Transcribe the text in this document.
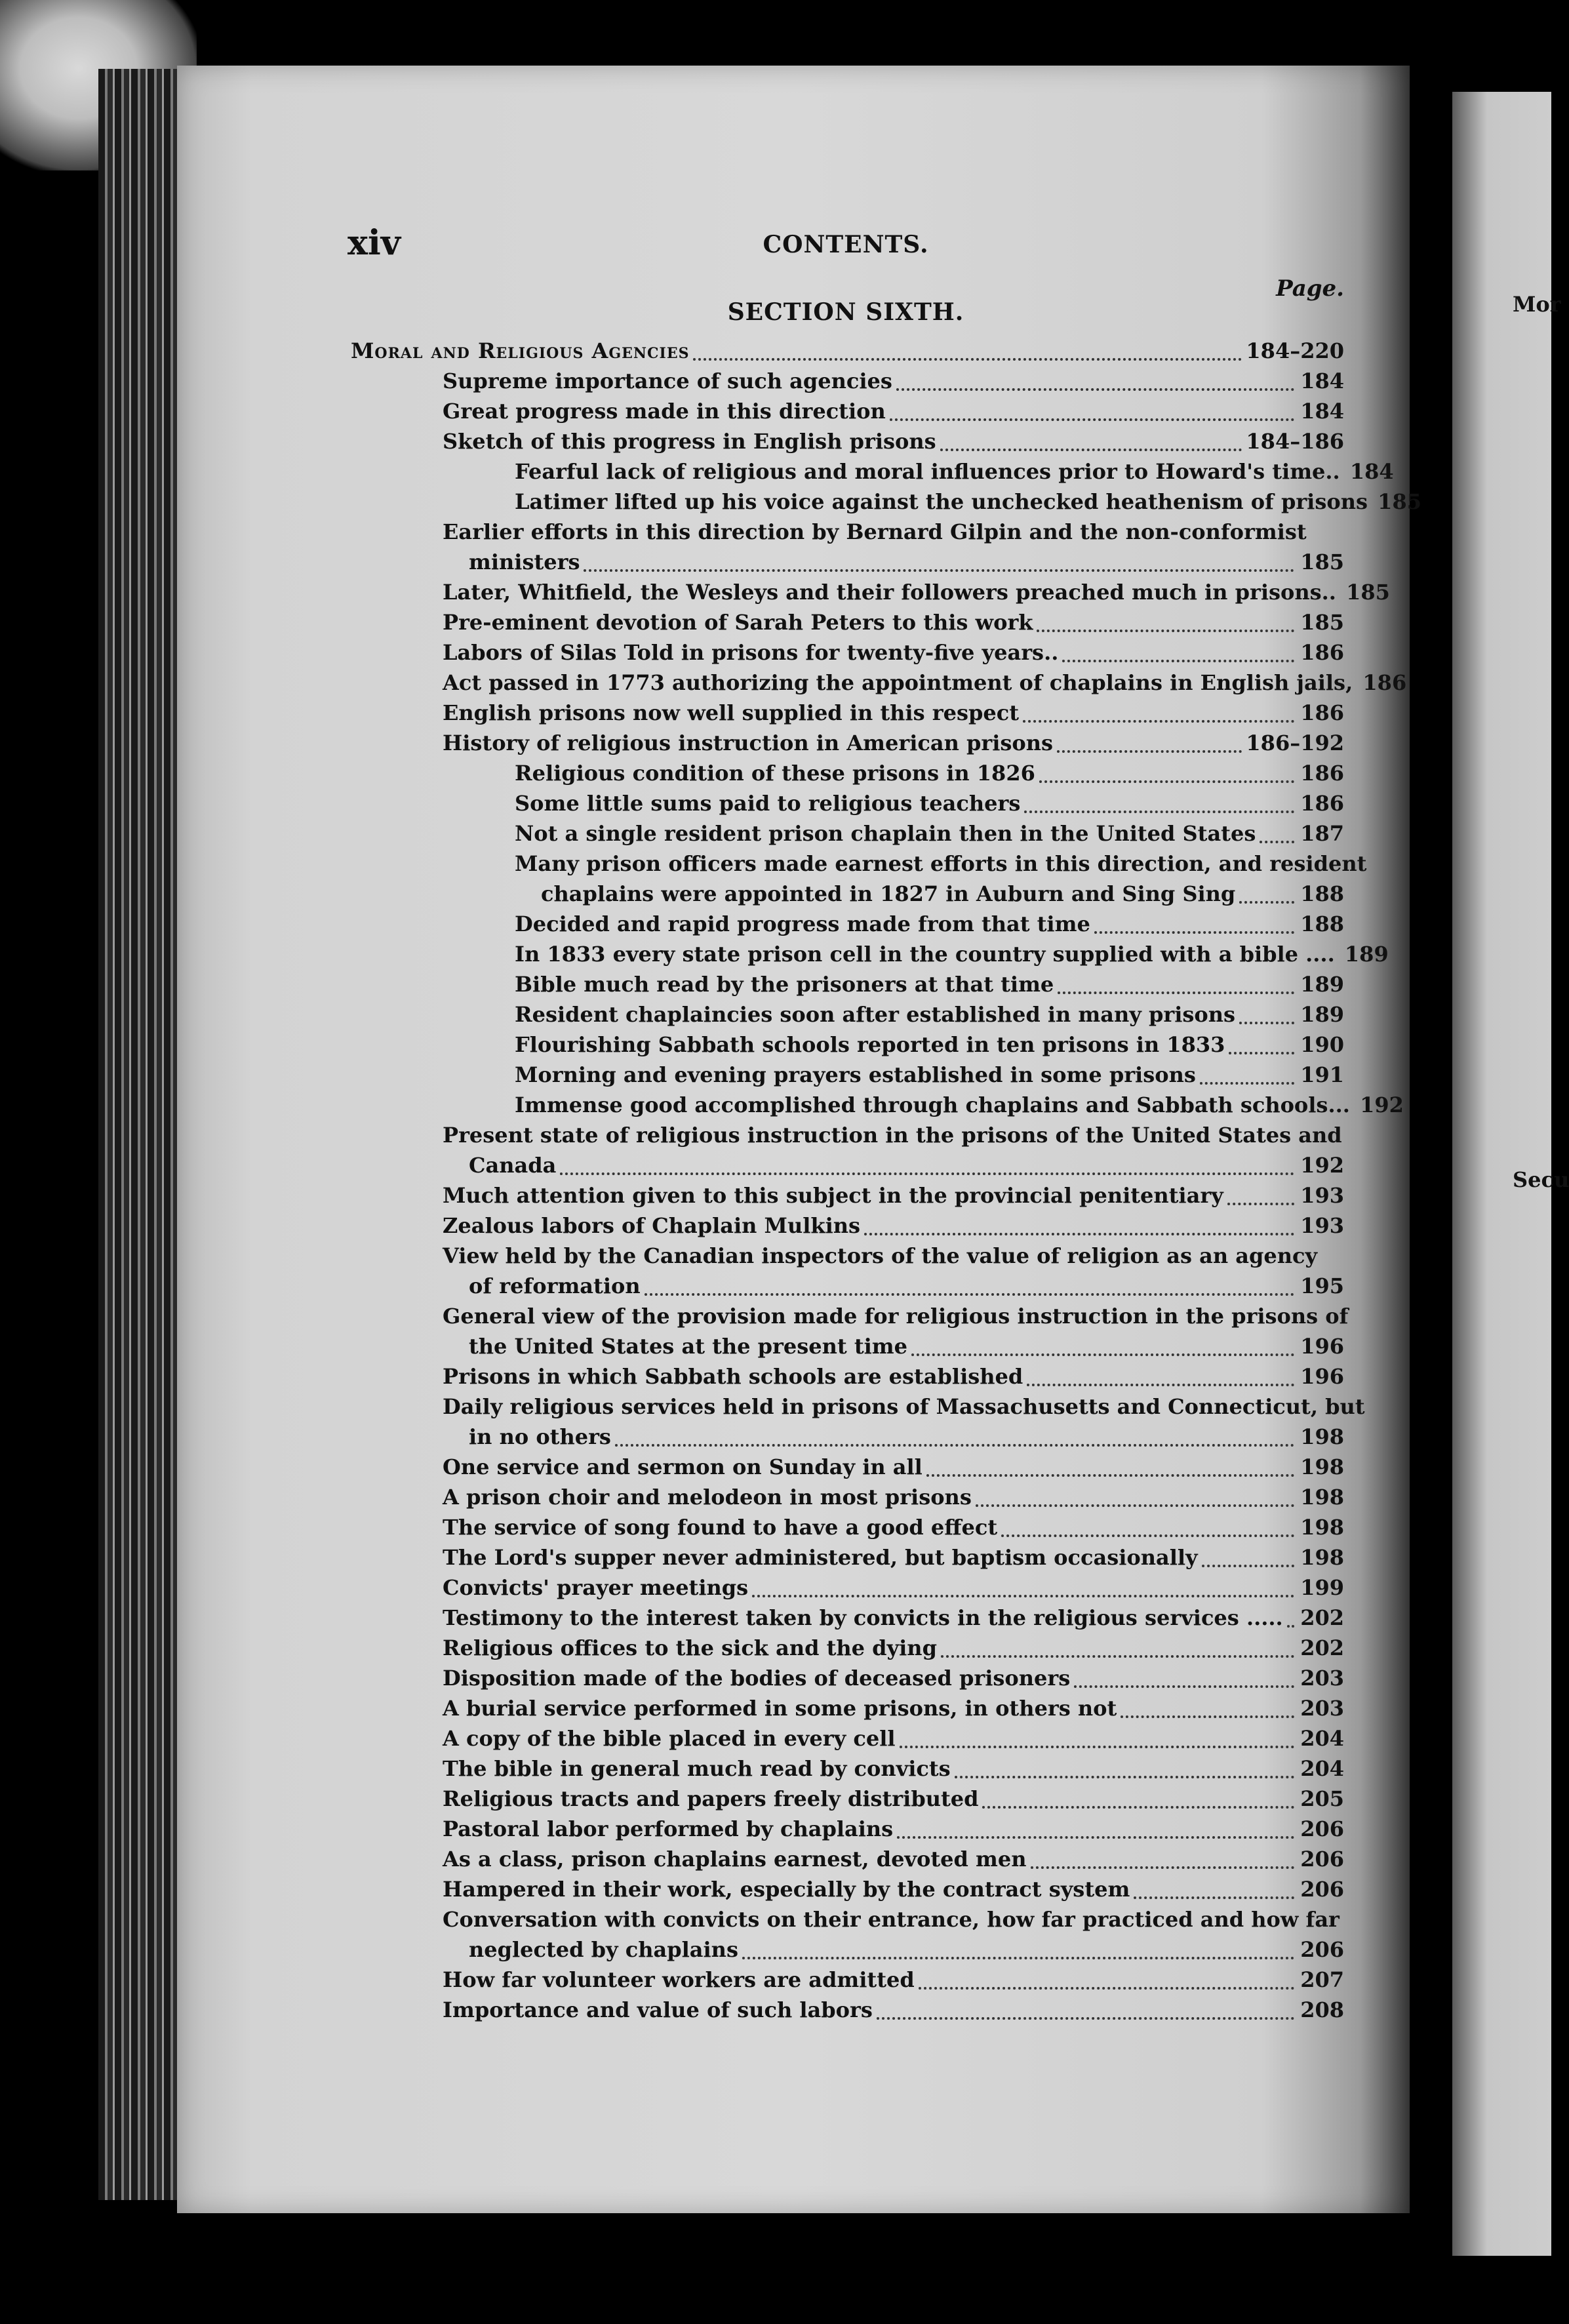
Mor
Secu
xiv	CONTENTS.
Page.
SECTION SIXTH.
Moral and Religious Agencies	184–220
Supreme importance of such agencies	184
Great progress made in this direction	184
Sketch of this progress in English prisons	184–186
Fearful lack of religious and moral influences prior to Howard's time.. 184
Latimer lifted up his voice against the unchecked heathenism of prisons 185
Earlier efforts in this direction by Bernard Gilpin and the non-conformist
ministers	185
Later, Whitfield, the Wesleys and their followers preached much in prisons.. 185
Pre-eminent devotion of Sarah Peters to this work	185
Labors of Silas Told in prisons for twenty-five years..	186
Act passed in 1773 authorizing the appointment of chaplains in English jails, 186
English prisons now well supplied in this respect	186
History of religious instruction in American prisons	186–192
Religious condition of these prisons in 1826	186
Some little sums paid to religious teachers	186
Not a single resident prison chaplain then in the United States 187
Many prison officers made earnest efforts in this direction, and resident
chaplains were appointed in 1827 in Auburn and Sing Sing	188
Decided and rapid progress made from that time	188
In 1833 every state prison cell in the country supplied with a bible .... 189
Bible much read by the prisoners at that time	189
Resident chaplaincies soon after established in many prisons	189
Flourishing Sabbath schools reported in ten prisons in 1833	190
Morning and evening prayers established in some prisons	191
Immense good accomplished through chaplains and Sabbath schools... 192
Present state of religious instruction in the prisons of the United States and
Canada	192
Much attention given to this subject in the provincial penitentiary	193
Zealous labors of Chaplain Mulkins	193
View held by the Canadian inspectors of the value of religion as an agency
of reformation	195
General view of the provision made for religious instruction in the prisons of
the United States at the present time	196
Prisons in which Sabbath schools are established	196
Daily religious services held in prisons of Massachusetts and Connecticut, but
in no others	198
One service and sermon on Sunday in all	198
A prison choir and melodeon in most prisons	198
The service of song found to have a good effect	198
The Lord's supper never administered, but baptism occasionally	198
Convicts' prayer meetings	199
Testimony to the interest taken by convicts in the religious services ..... 202
Religious offices to the sick and the dying	202
Disposition made of the bodies of deceased prisoners	203
A burial service performed in some prisons, in others not	203
A copy of the bible placed in every cell	204
The bible in general much read by convicts	204
Religious tracts and papers freely distributed	205
Pastoral labor performed by chaplains	206
As a class, prison chaplains earnest, devoted men	206
Hampered in their work, especially by the contract system	206
Conversation with convicts on their entrance, how far practiced and how far
neglected by chaplains	206
How far volunteer workers are admitted	207
Importance and value of such labors	208
